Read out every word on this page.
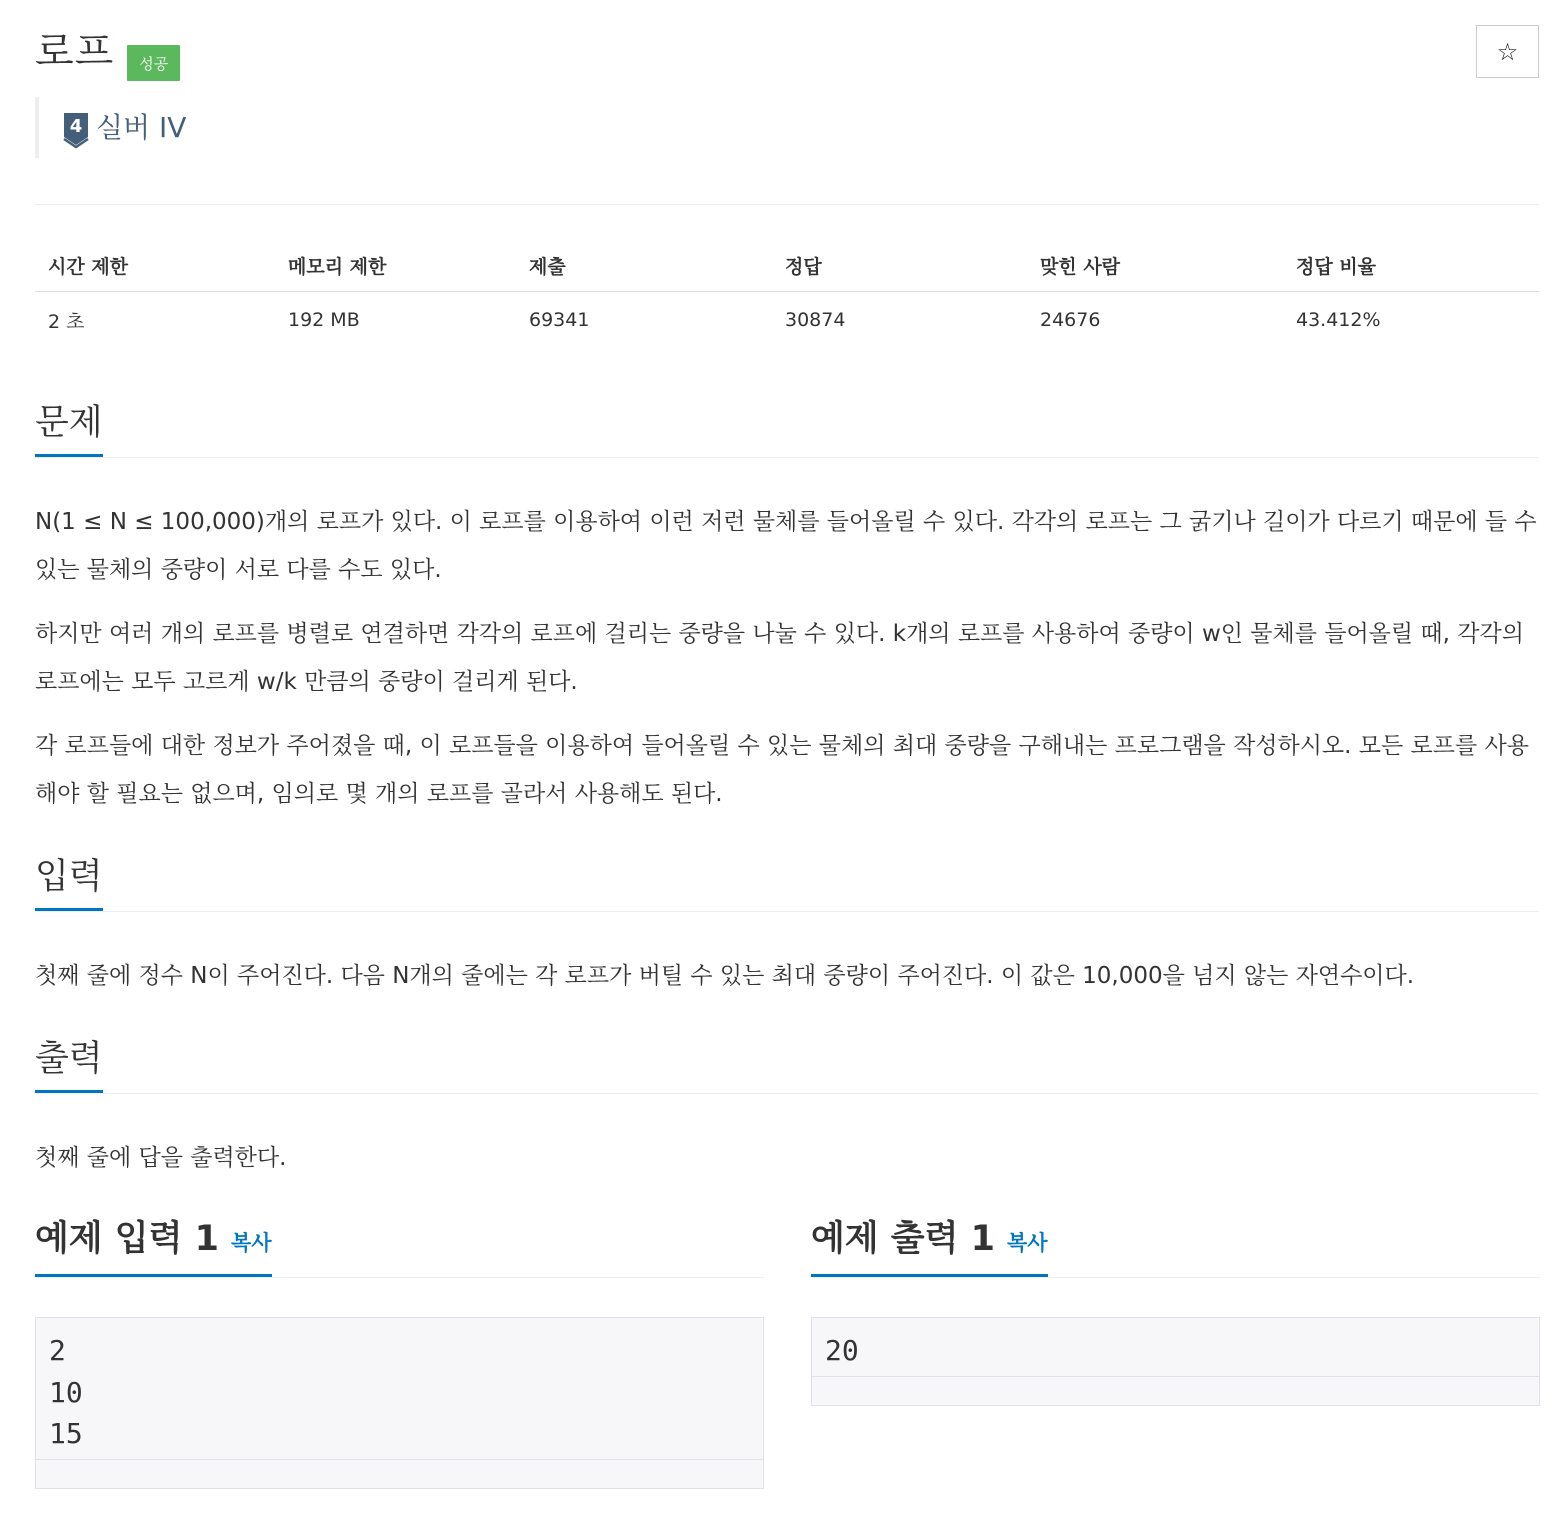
로프	성공	☆
4 실버 IV
시간 제한	메모리 제한	제출	정답	맞힌 사람	정답 비율
2 초	192 MB	69341	30874	24676	43.412%
문제

N(1 ≤ N ≤ 100,000)개의 로프가 있다. 이 로프를 이용하여 이런 저런 물체를 들어올릴 수 있다. 각각의 로프는 그 굵기나 길이가 다르기 때문에 들 수 있는 물체의 중량이 서로 다를 수도 있다.

하지만 여러 개의 로프를 병렬로 연결하면 각각의 로프에 걸리는 중량을 나눌 수 있다. k개의 로프를 사용하여 중량이 w인 물체를 들어올릴 때, 각각의 로프에는 모두 고르게 w/k 만큼의 중량이 걸리게 된다.

각 로프들에 대한 정보가 주어졌을 때, 이 로프들을 이용하여 들어올릴 수 있는 물체의 최대 중량을 구해내는 프로그램을 작성하시오. 모든 로프를 사용해야 할 필요는 없으며, 임의로 몇 개의 로프를 골라서 사용해도 된다.

입력
첫째 줄에 정수 N이 주어진다. 다음 N개의 줄에는 각 로프가 버틸 수 있는 최대 중량이 주어진다. 이 값은 10,000을 넘지 않는 자연수이다.
출력
첫째 줄에 답을 출력한다.
예제 입력 1 복사
2
10
15
예제 출력 1 복사
20
